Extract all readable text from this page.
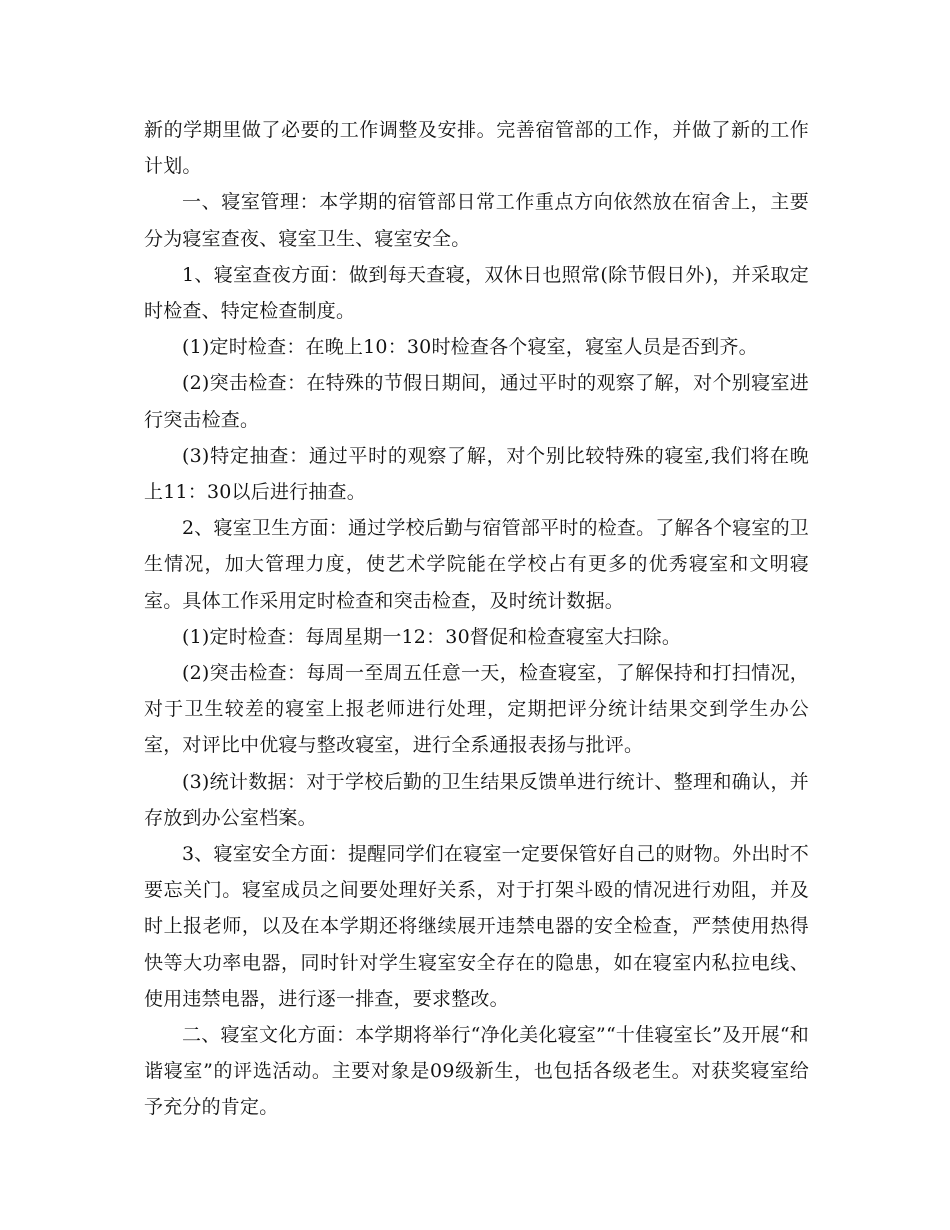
新的学期里做了必要的工作调整及安排。完善宿管部的工作，并做了新的工作计划。

一、寝室管理：本学期的宿管部日常工作重点方向依然放在宿舍上，主要分为寝室查夜、寝室卫生、寝室安全。

1、寝室查夜方面：做到每天查寝，双休日也照常(除节假日外)，并采取定时检查、特定检查制度。

(1)定时检查：在晚上10：30时检查各个寝室，寝室人员是否到齐。

(2)突击检查：在特殊的节假日期间，通过平时的观察了解，对个别寝室进行突击检查。

(3)特定抽查：通过平时的观察了解，对个别比较特殊的寝室,我们将在晚上11：30以后进行抽查。

2、寝室卫生方面：通过学校后勤与宿管部平时的检查。了解各个寝室的卫生情况，加大管理力度，使艺术学院能在学校占有更多的优秀寝室和文明寝室。具体工作采用定时检查和突击检查，及时统计数据。

(1)定时检查：每周星期一12：30督促和检查寝室大扫除。

(2)突击检查：每周一至周五任意一天，检查寝室，了解保持和打扫情况，对于卫生较差的寝室上报老师进行处理，定期把评分统计结果交到学生办公室，对评比中优寝与整改寝室，进行全系通报表扬与批评。

(3)统计数据：对于学校后勤的卫生结果反馈单进行统计、整理和确认，并存放到办公室档案。

3、寝室安全方面：提醒同学们在寝室一定要保管好自己的财物。外出时不要忘关门。寝室成员之间要处理好关系，对于打架斗殴的情况进行劝阻，并及时上报老师，以及在本学期还将继续展开违禁电器的安全检查，严禁使用热得快等大功率电器，同时针对学生寝室安全存在的隐患，如在寝室内私拉电线、使用违禁电器，进行逐一排查，要求整改。

二、寝室文化方面：本学期将举行“净化美化寝室”“十佳寝室长”及开展“和谐寝室”的评选活动。主要对象是09级新生，也包括各级老生。对获奖寝室给予充分的肯定。
